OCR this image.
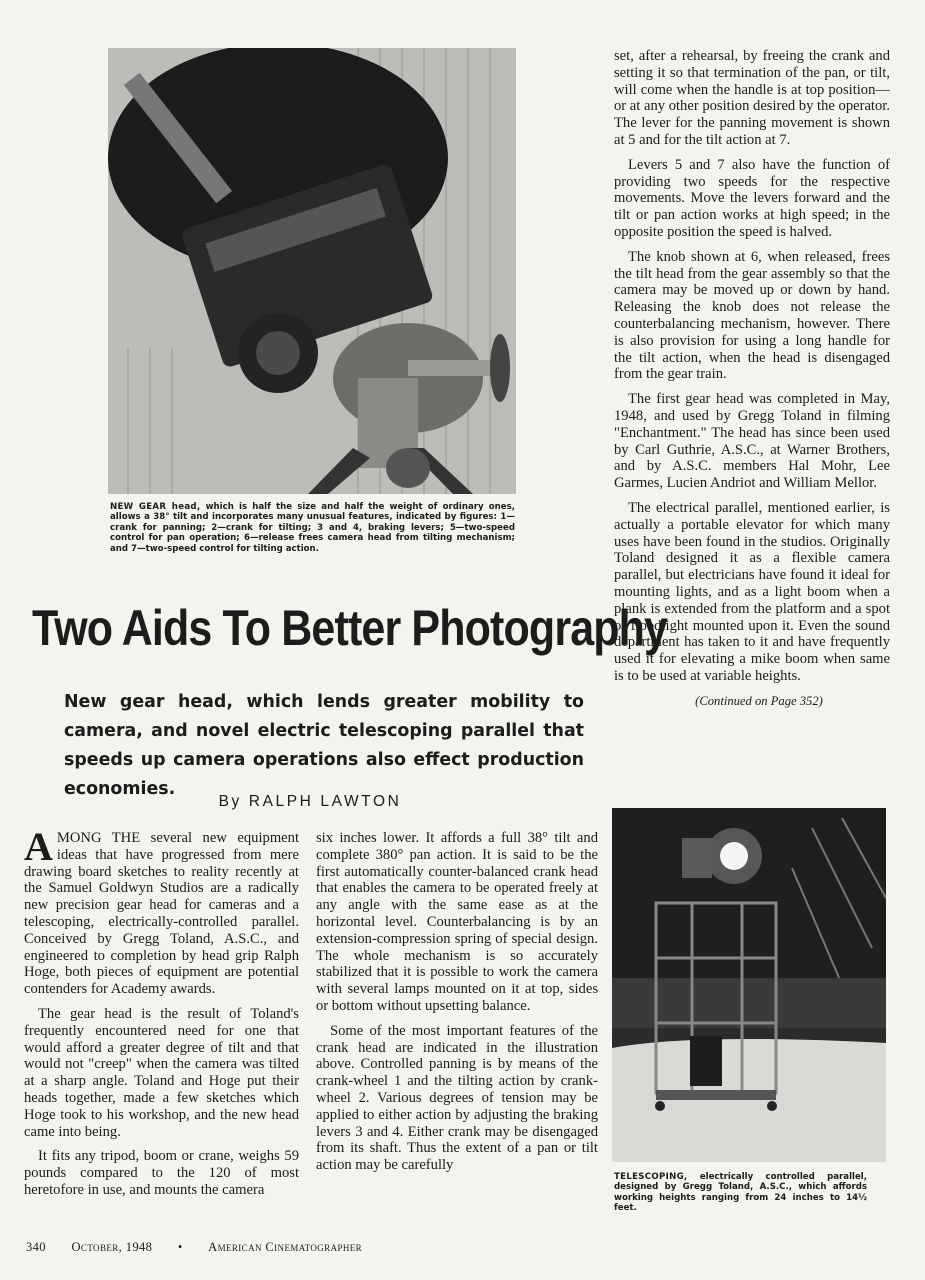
NEW GEAR head, which is half the size and half the weight of ordinary ones, allows a 38° tilt and incorporates many unusual features, indicated by figures: 1—crank for panning; 2—crank for tilting; 3 and 4, braking levers; 5—two-speed control for pan operation; 6—release frees camera head from tilting mechanism; and 7—two-speed control for tilting action.

Two Aids To Better Photography

New gear head, which lends greater mobility to camera, and novel electric telescoping parallel that speeds up camera operations also effect production economies.

By RALPH LAWTON

AMONG THE several new equipment ideas that have progressed from mere drawing board sketches to reality recently at the Samuel Goldwyn Studios are a radically new precision gear head for cameras and a telescoping, electrically-controlled parallel. Conceived by Gregg Toland, A.S.C., and engineered to completion by head grip Ralph Hoge, both pieces of equipment are potential contenders for Academy awards.

The gear head is the result of Toland's frequently encountered need for one that would afford a greater degree of tilt and that would not "creep" when the camera was tilted at a sharp angle. Toland and Hoge put their heads together, made a few sketches which Hoge took to his workshop, and the new head came into being.

It fits any tripod, boom or crane, weighs 59 pounds compared to the 120 of most heretofore in use, and mounts the camera

six inches lower. It affords a full 38° tilt and complete 380° pan action. It is said to be the first automatically counter-balanced crank head that enables the camera to be operated freely at any angle with the same ease as at the horizontal level. Counterbalancing is by an extension-compression spring of special design. The whole mechanism is so accurately stabilized that it is possible to work the camera with several lamps mounted on it at top, sides or bottom without upsetting balance.

Some of the most important features of the crank head are indicated in the illustration above. Controlled panning is by means of the crank-wheel 1 and the tilting action by crank-wheel 2. Various degrees of tension may be applied to either action by adjusting the braking levers 3 and 4. Either crank may be disengaged from its shaft. Thus the extent of a pan or tilt action may be carefully

set, after a rehearsal, by freeing the crank and setting it so that termination of the pan, or tilt, will come when the handle is at top position—or at any other position desired by the operator. The lever for the panning movement is shown at 5 and for the tilt action at 7.

Levers 5 and 7 also have the function of providing two speeds for the respective movements. Move the levers forward and the tilt or pan action works at high speed; in the opposite position the speed is halved.

The knob shown at 6, when released, frees the tilt head from the gear assembly so that the camera may be moved up or down by hand. Releasing the knob does not release the counterbalancing mechanism, however. There is also provision for using a long handle for the tilt action, when the head is disengaged from the gear train.

The first gear head was completed in May, 1948, and used by Gregg Toland in filming "Enchantment." The head has since been used by Carl Guthrie, A.S.C., at Warner Brothers, and by A.S.C. members Hal Mohr, Lee Garmes, Lucien Andriot and William Mellor.

The electrical parallel, mentioned earlier, is actually a portable elevator for which many uses have been found in the studios. Originally Toland designed it as a flexible camera parallel, but electricians have found it ideal for mounting lights, and as a light boom when a plank is extended from the platform and a spot or floodlight mounted upon it. Even the sound department has taken to it and have frequently used it for elevating a mike boom when same is to be used at variable heights.

(Continued on Page 352)

TELESCOPING, electrically controlled parallel, designed by Gregg Toland, A.S.C., which affords working heights ranging from 24 inches to 14½ feet.

340 October, 1948 • American Cinematographer
